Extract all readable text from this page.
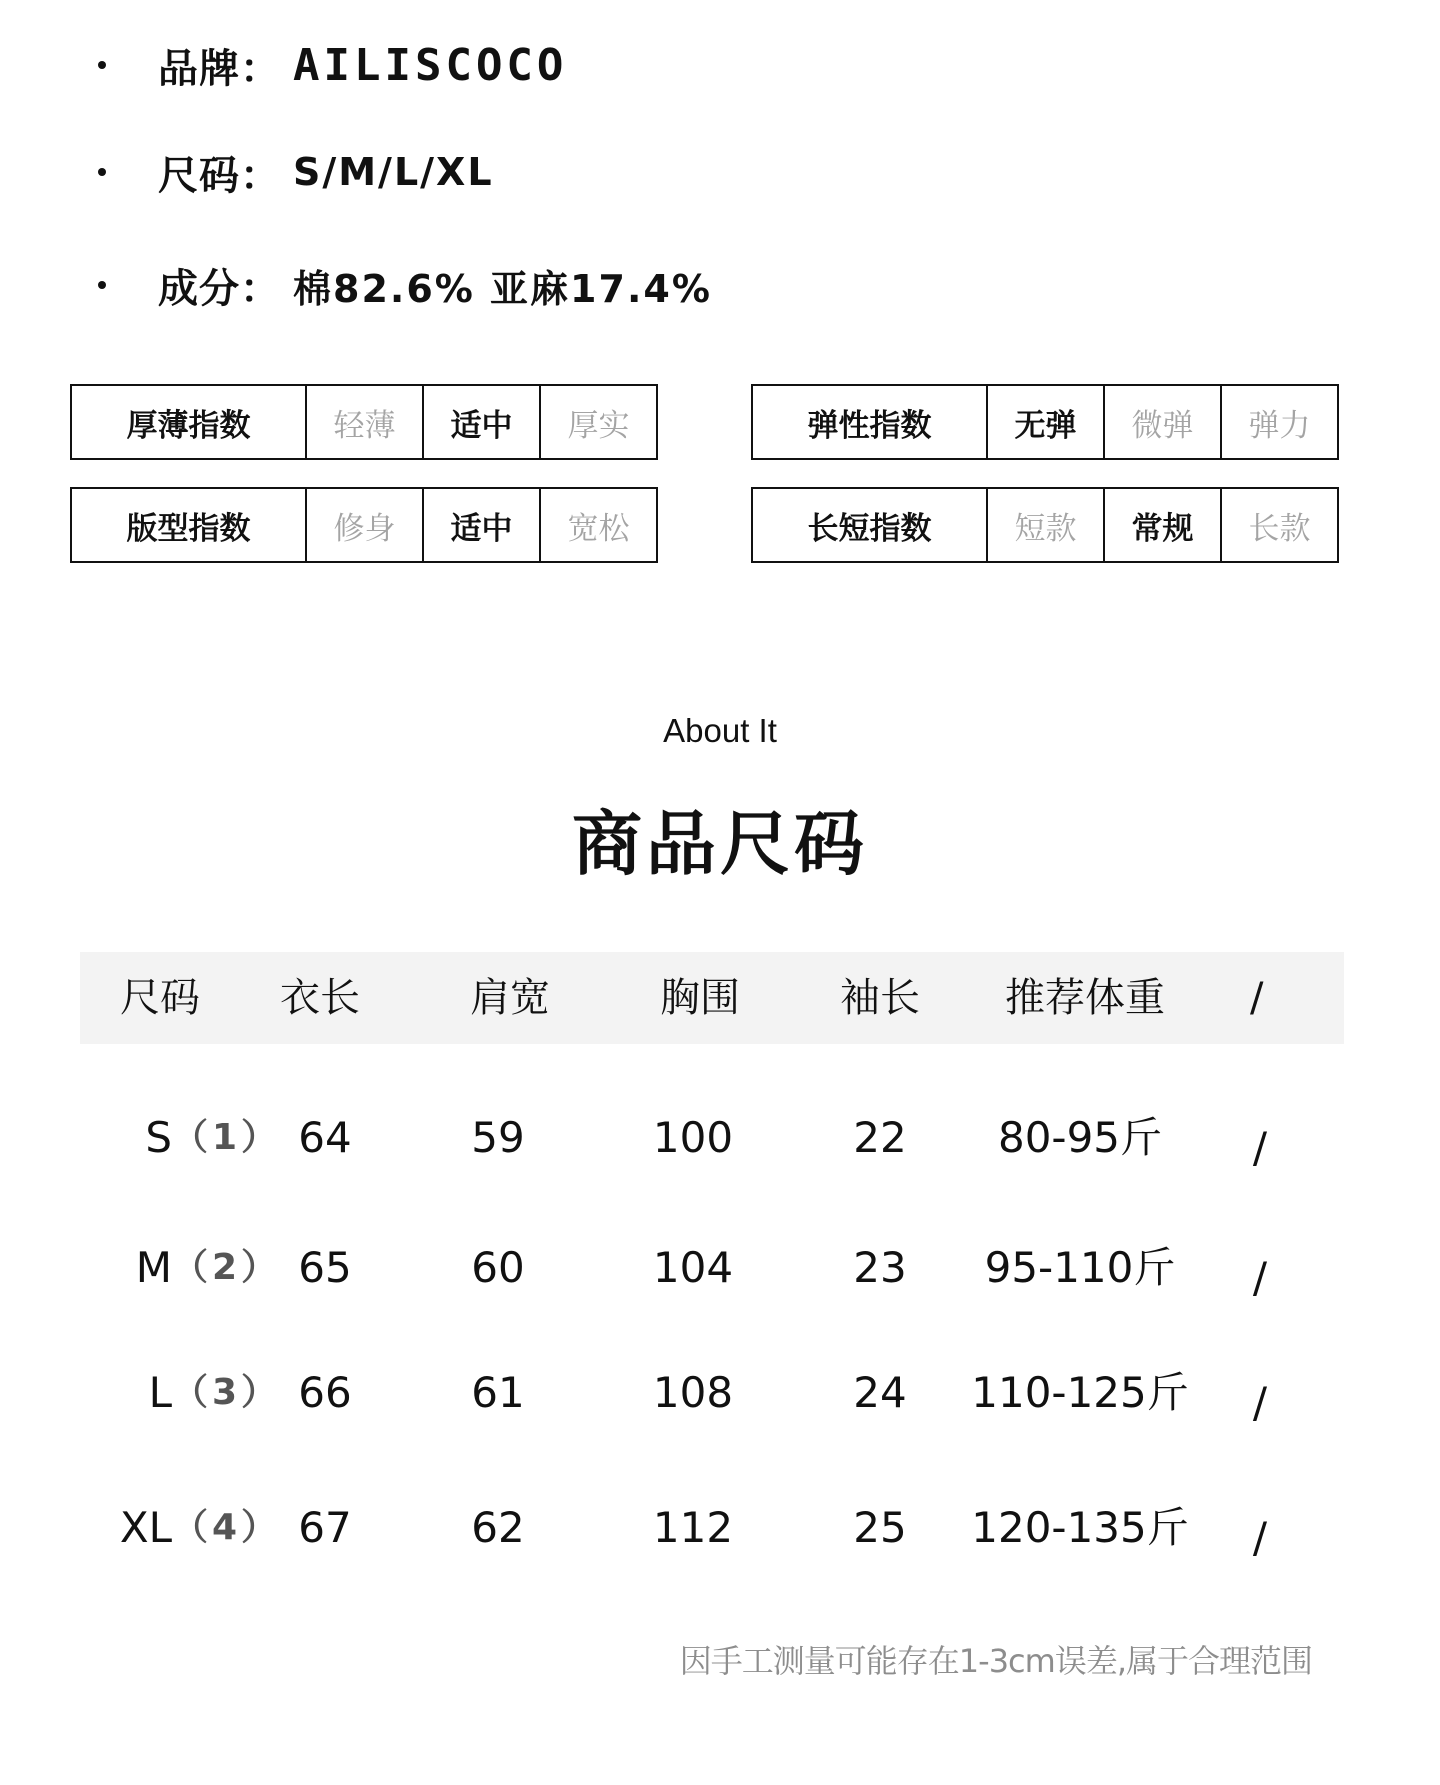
品牌： AILISCOCO
尺码： S/M/L/XL
成分： 棉82.6% 亚麻17.4%
厚薄指数	轻薄	适中	厚实	弹性指数	无弹	微弹	弹力
版型指数	修身	适中	宽松	长短指数	短款	常规	长款
About It
商品尺码
尺码 衣长	肩宽	胸围	袖长 推荐体重 /
S （1） 64	59	100	22	80-95斤	/
M （2） 65	60	104	23	95-110斤	/
L （3） 66	61	108	24	110-125斤	/
XL （4） 67	62	112	25	120-135斤	/
因手工测量可能存在1-3cm误差,属于合理范围
